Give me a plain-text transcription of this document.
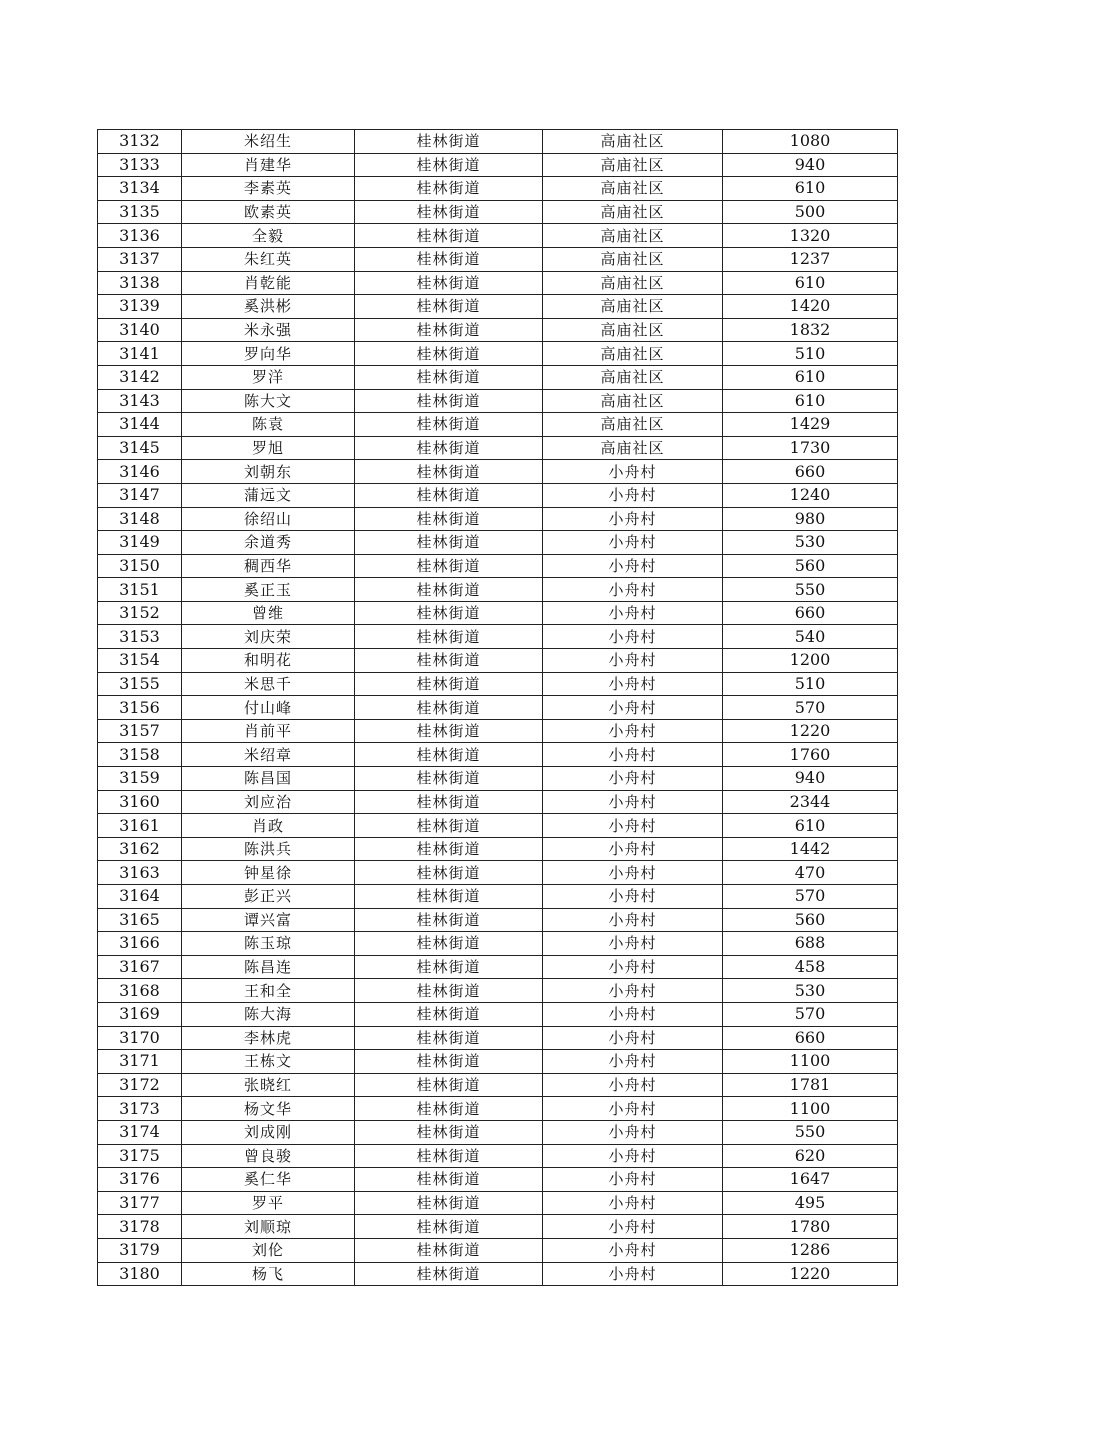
3132	米绍生	桂林街道	高庙社区	1080
3133	肖建华	桂林街道	高庙社区	940
3134	李素英	桂林街道	高庙社区	610
3135	欧素英	桂林街道	高庙社区	500
3136	全毅	桂林街道	高庙社区	1320
3137	朱红英	桂林街道	高庙社区	1237
3138	肖乾能	桂林街道	高庙社区	610
3139	奚洪彬	桂林街道	高庙社区	1420
3140	米永强	桂林街道	高庙社区	1832
3141	罗向华	桂林街道	高庙社区	510
3142	罗洋	桂林街道	高庙社区	610
3143	陈大文	桂林街道	高庙社区	610
3144	陈袁	桂林街道	高庙社区	1429
3145	罗旭	桂林街道	高庙社区	1730
3146	刘朝东	桂林街道	小舟村	660
3147	蒲远文	桂林街道	小舟村	1240
3148	徐绍山	桂林街道	小舟村	980
3149	余道秀	桂林街道	小舟村	530
3150	稠西华	桂林街道	小舟村	560
3151	奚正玉	桂林街道	小舟村	550
3152	曾维	桂林街道	小舟村	660
3153	刘庆荣	桂林街道	小舟村	540
3154	和明花	桂林街道	小舟村	1200
3155	米思千	桂林街道	小舟村	510
3156	付山峰	桂林街道	小舟村	570
3157	肖前平	桂林街道	小舟村	1220
3158	米绍章	桂林街道	小舟村	1760
3159	陈昌国	桂林街道	小舟村	940
3160	刘应治	桂林街道	小舟村	2344
3161	肖政	桂林街道	小舟村	610
3162	陈洪兵	桂林街道	小舟村	1442
3163	钟星徐	桂林街道	小舟村	470
3164	彭正兴	桂林街道	小舟村	570
3165	谭兴富	桂林街道	小舟村	560
3166	陈玉琼	桂林街道	小舟村	688
3167	陈昌连	桂林街道	小舟村	458
3168	王和全	桂林街道	小舟村	530
3169	陈大海	桂林街道	小舟村	570
3170	李林虎	桂林街道	小舟村	660
3171	王栋文	桂林街道	小舟村	1100
3172	张晓红	桂林街道	小舟村	1781
3173	杨文华	桂林街道	小舟村	1100
3174	刘成刚	桂林街道	小舟村	550
3175	曾良骏	桂林街道	小舟村	620
3176	奚仁华	桂林街道	小舟村	1647
3177	罗平	桂林街道	小舟村	495
3178	刘顺琼	桂林街道	小舟村	1780
3179	刘伦	桂林街道	小舟村	1286
3180	杨飞	桂林街道	小舟村	1220
